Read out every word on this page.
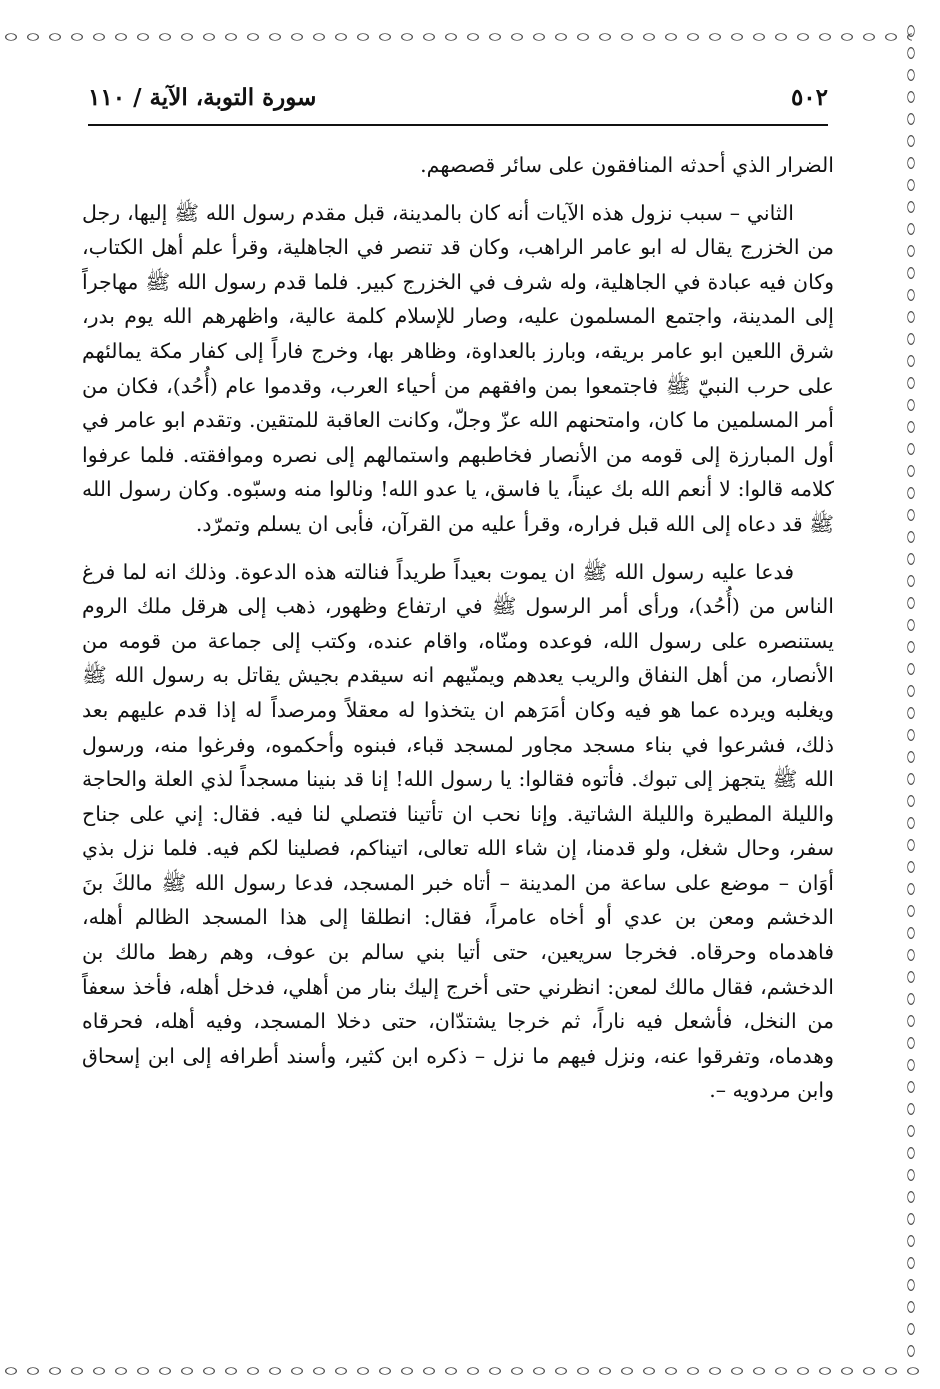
٥٠٢
سورة التوبة، الآية / ١١٠

الضرار الذي أحدثه المنافقون على سائر قصصهم.

الثاني – سبب نزول هذه الآيات أنه كان بالمدينة، قبل مقدم رسول الله ﷺ إليها، رجل من الخزرج يقال له ابو عامر الراهب، وكان قد تنصر في الجاهلية، وقرأ علم أهل الكتاب، وكان فيه عبادة في الجاهلية، وله شرف في الخزرج كبير. فلما قدم رسول الله ﷺ مهاجراً إلى المدينة، واجتمع المسلمون عليه، وصار للإسلام كلمة عالية، واظهرهم الله يوم بدر، شرق اللعين ابو عامر بريقه، وبارز بالعداوة، وظاهر بها، وخرج فاراً إلى كفار مكة يمالئهم على حرب النبيّ ﷺ فاجتمعوا بمن وافقهم من أحياء العرب، وقدموا عام (أُحُد)، فكان من أمر المسلمين ما كان، وامتحنهم الله عزّ وجلّ، وكانت العاقبة للمتقين. وتقدم ابو عامر في أول المبارزة إلى قومه من الأنصار فخاطبهم واستمالهم إلى نصره وموافقته. فلما عرفوا كلامه قالوا: لا أنعم الله بك عيناً، يا فاسق، يا عدو الله! ونالوا منه وسبّوه. وكان رسول الله ﷺ قد دعاه إلى الله قبل فراره، وقرأ عليه من القرآن، فأبى ان يسلم وتمرّد.

فدعا عليه رسول الله ﷺ ان يموت بعيداً طريداً فنالته هذه الدعوة. وذلك انه لما فرغ الناس من (أُحُد)، ورأى أمر الرسول ﷺ في ارتفاع وظهور، ذهب إلى هرقل ملك الروم يستنصره على رسول الله، فوعده ومنّاه، واقام عنده، وكتب إلى جماعة من قومه من الأنصار، من أهل النفاق والريب يعدهم ويمنّيهم انه سيقدم بجيش يقاتل به رسول الله ﷺ ويغلبه ويرده عما هو فيه وكان أمَرَهم ان يتخذوا له معقلاً ومرصداً له إذا قدم عليهم بعد ذلك، فشرعوا في بناء مسجد مجاور لمسجد قباء، فبنوه وأحكموه، وفرغوا منه، ورسول الله ﷺ يتجهز إلى تبوك. فأتوه فقالوا: يا رسول الله! إنا قد بنينا مسجداً لذي العلة والحاجة والليلة المطيرة والليلة الشاتية. وإنا نحب ان تأتينا فتصلي لنا فيه. فقال: إني على جناح سفر، وحال شغل، ولو قدمنا، إن شاء الله تعالى، اتيناكم، فصلينا لكم فيه. فلما نزل بذي أوَان – موضع على ساعة من المدينة – أتاه خبر المسجد، فدعا رسول الله ﷺ مالكَ بنَ الدخشم ومعن بن عدي أو أخاه عامراً، فقال: انطلقا إلى هذا المسجد الظالم أهله، فاهدماه وحرقاه. فخرجا سريعين، حتى أتيا بني سالم بن عوف، وهم رهط مالك بن الدخشم، فقال مالك لمعن: انظرني حتى أخرج إليك بنار من أهلي، فدخل أهله، فأخذ سعفاً من النخل، فأشعل فيه ناراً، ثم خرجا يشتدّان، حتى دخلا المسجد، وفيه أهله، فحرقاه وهدماه، وتفرقوا عنه، ونزل فيهم ما نزل – ذكره ابن كثير، وأسند أطرافه إلى ابن إسحاق وابن مردويه –.
